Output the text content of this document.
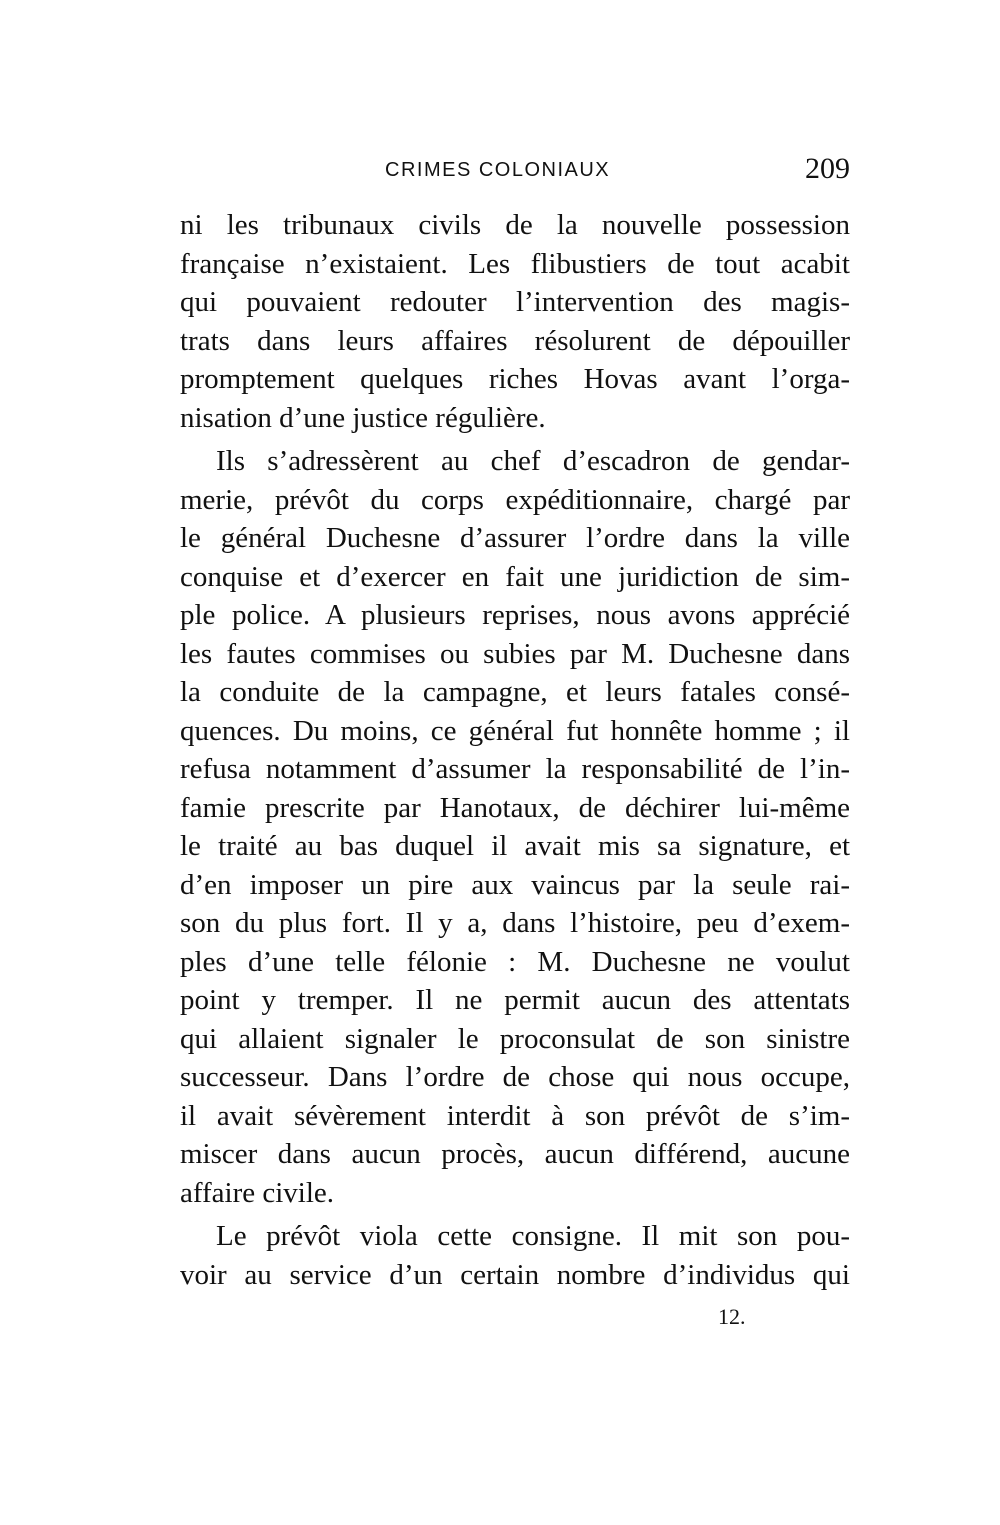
CRIMES COLONIAUX	209
ni les tribunaux civils de la nouvelle possession
française n’existaient. Les flibustiers de tout acabit
qui pouvaient redouter l’intervention des magis-
trats dans leurs affaires résolurent de dépouiller
promptement quelques riches Hovas avant l’orga-
nisation d’une justice régulière.
Ils s’adressèrent au chef d’escadron de gendar-
merie, prévôt du corps expéditionnaire, chargé par
le général Duchesne d’assurer l’ordre dans la ville
conquise et d’exercer en fait une juridiction de sim-
ple police. A plusieurs reprises, nous avons apprécié
les fautes commises ou subies par M. Duchesne dans
la conduite de la campagne, et leurs fatales consé-
quences. Du moins, ce général fut honnête homme ; il
refusa notamment d’assumer la responsabilité de l’in-
famie prescrite par Hanotaux, de déchirer lui-même
le traité au bas duquel il avait mis sa signature, et
d’en imposer un pire aux vaincus par la seule rai-
son du plus fort. Il y a, dans l’histoire, peu d’exem-
ples d’une telle félonie : M. Duchesne ne voulut
point y tremper. Il ne permit aucun des attentats
qui allaient signaler le proconsulat de son sinistre
successeur. Dans l’ordre de chose qui nous occupe,
il avait sévèrement interdit à son prévôt de s’im-
miscer dans aucun procès, aucun différend, aucune
affaire civile.
Le prévôt viola cette consigne. Il mit son pou-
voir au service d’un certain nombre d’individus qui
12.
